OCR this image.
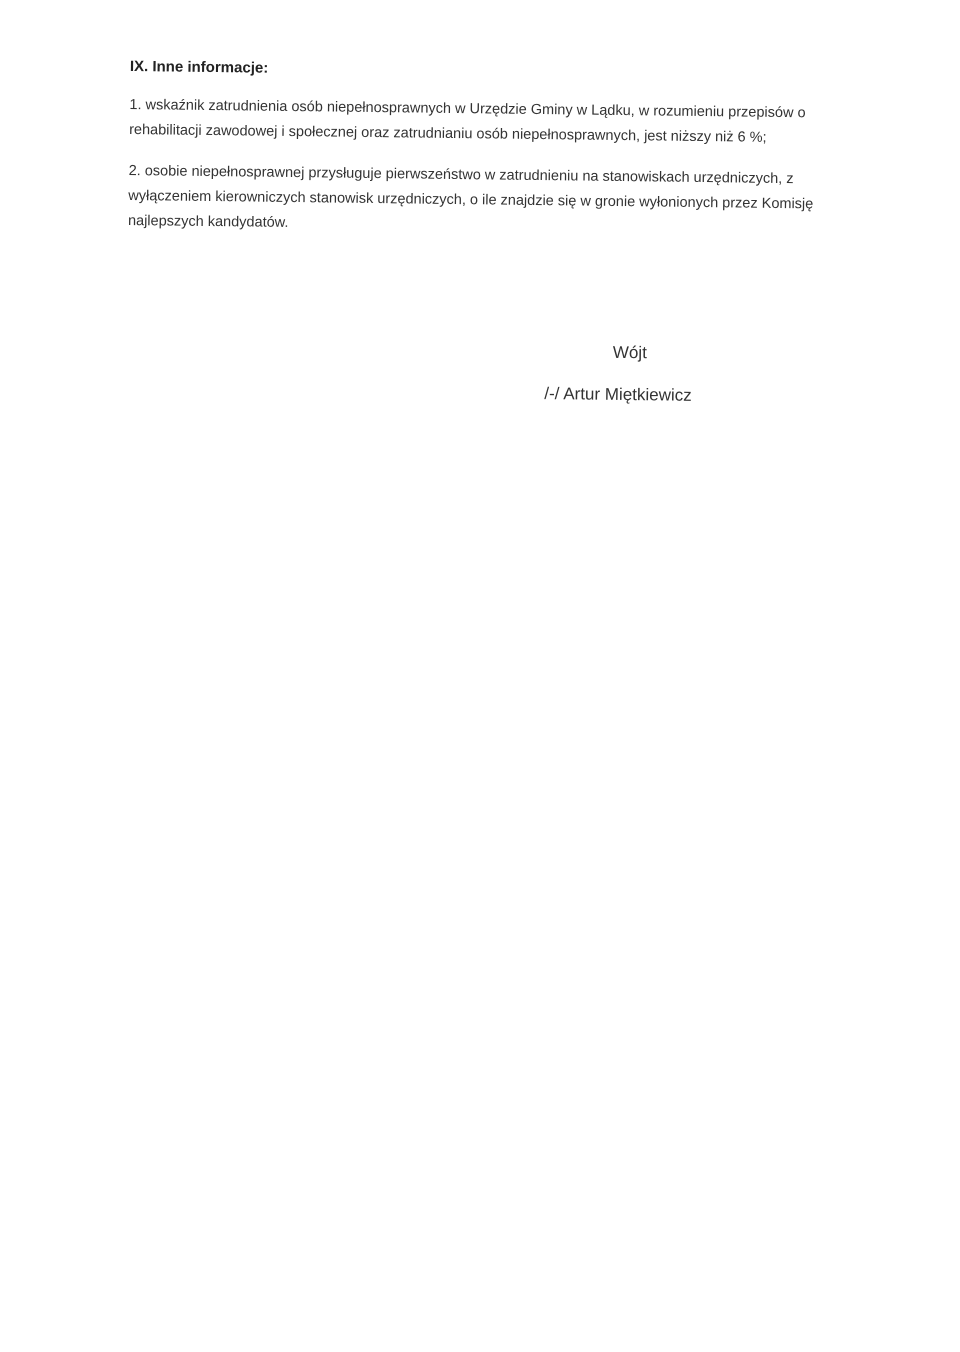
IX. Inne informacje:

1. wskaźnik zatrudnienia osób niepełnosprawnych w Urzędzie Gminy w Lądku, w rozumieniu przepisów o rehabilitacji zawodowej i społecznej oraz zatrudnianiu osób niepełnosprawnych, jest niższy niż 6 %;

2. osobie niepełnosprawnej przysługuje pierwszeństwo w zatrudnieniu na stanowiskach urzędniczych, z wyłączeniem kierowniczych stanowisk urzędniczych, o ile znajdzie się w gronie wyłonionych przez Komisję najlepszych kandydatów.

Wójt
/-/ Artur Miętkiewicz
